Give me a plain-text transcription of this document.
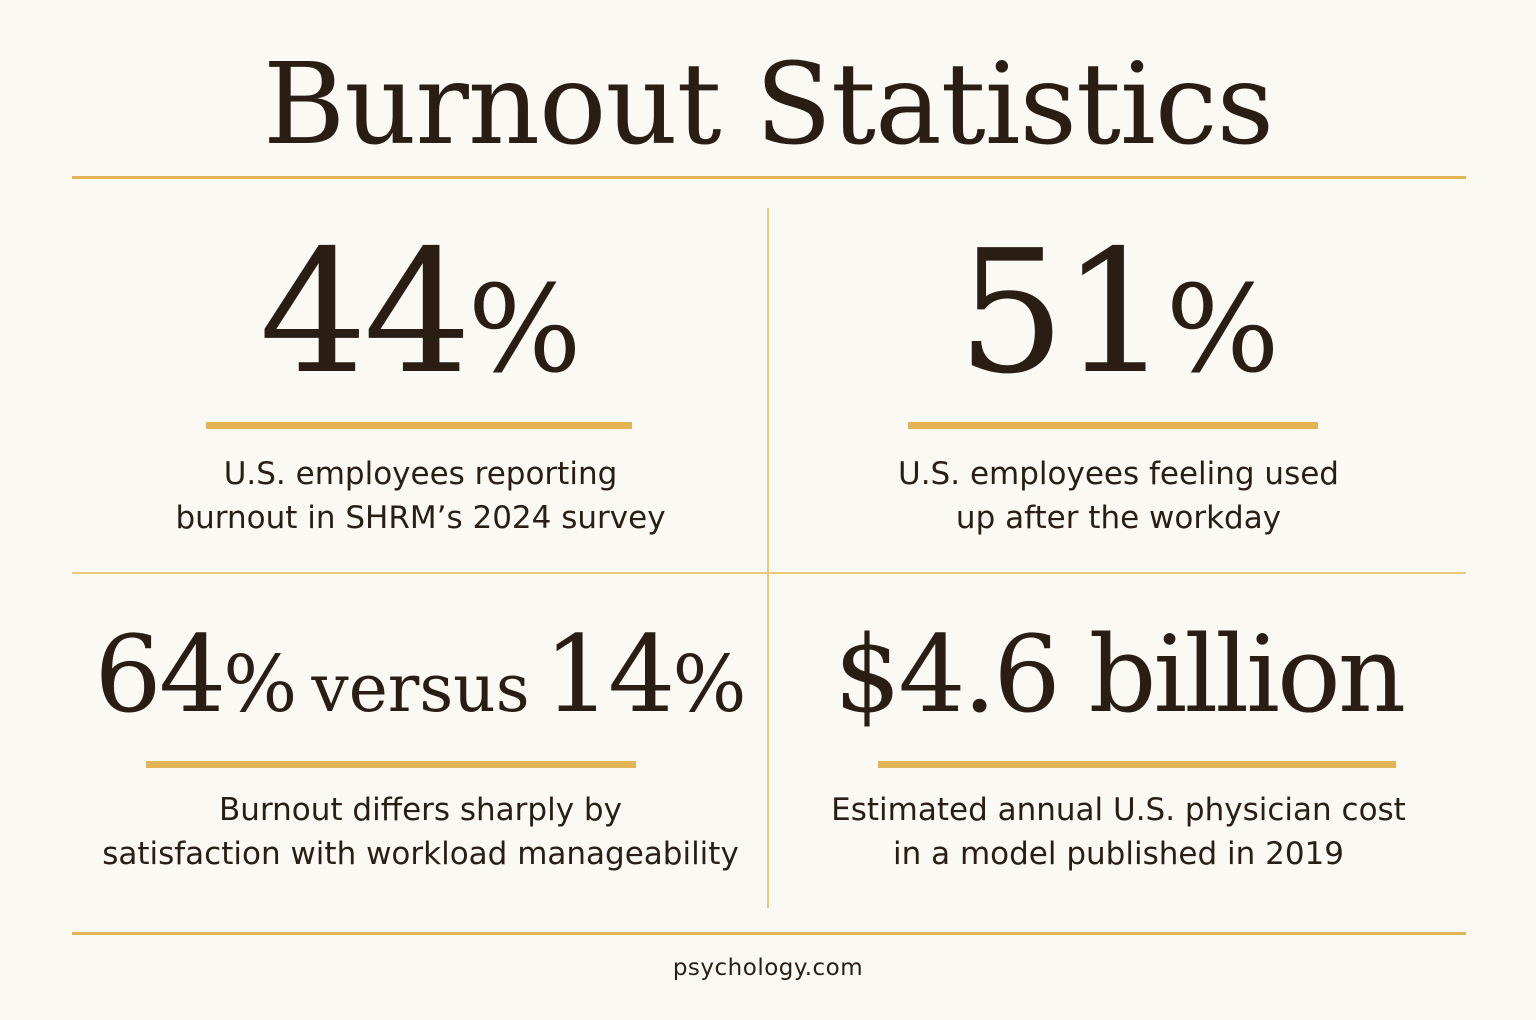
Burnout Statistics
44%
U.S. employees reporting
burnout in SHRM’s 2024 survey
51%
U.S. employees feeling used
up after the workday
64% versus 14%
Burnout differs sharply by
satisfaction with workload manageability
$4.6 billion
Estimated annual U.S. physician cost
in a model published in 2019
psychology.com
